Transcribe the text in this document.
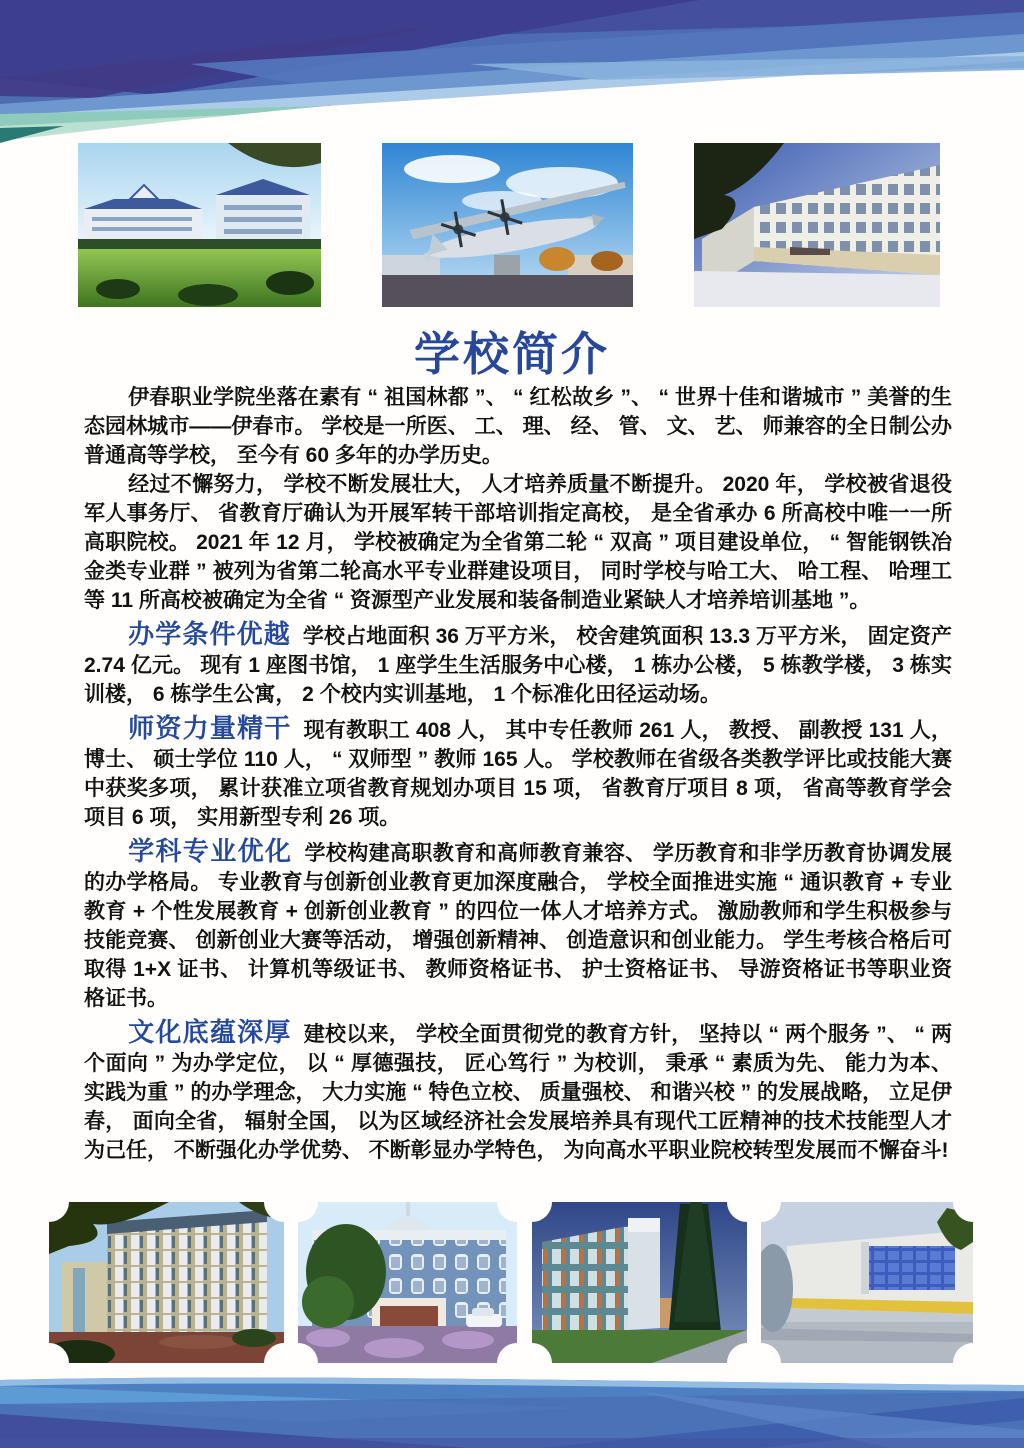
学校简介

伊春职业学院坐落在素有 “ 祖国林都 ”、 “ 红松故乡 ”、 “ 世界十佳和谐城市 ” 美誉的生态园林城市——伊春市。 学校是一所医、 工、 理、 经、 管、 文、 艺、 师兼容的全日制公办普通高等学校， 至今有 60 多年的办学历史。

经过不懈努力， 学校不断发展壮大， 人才培养质量不断提升。 2020 年， 学校被省退役军人事务厅、 省教育厅确认为开展军转干部培训指定高校， 是全省承办 6 所高校中唯一一所高职院校。 2021 年 12 月， 学校被确定为全省第二轮 “ 双高 ” 项目建设单位， “ 智能钢铁冶金类专业群 ” 被列为省第二轮高水平专业群建设项目， 同时学校与哈工大、 哈工程、 哈理工等 11 所高校被确定为全省 “ 资源型产业发展和装备制造业紧缺人才培养培训基地 ”。

办学条件优越 学校占地面积 36 万平方米， 校舍建筑面积 13.3 万平方米， 固定资产 2.74 亿元。 现有 1 座图书馆， 1 座学生生活服务中心楼， 1 栋办公楼， 5 栋教学楼， 3 栋实训楼， 6 栋学生公寓， 2 个校内实训基地， 1 个标准化田径运动场。

师资力量精干 现有教职工 408 人， 其中专任教师 261 人， 教授、 副教授 131 人， 博士、 硕士学位 110 人， “ 双师型 ” 教师 165 人。 学校教师在省级各类教学评比或技能大赛中获奖多项， 累计获准立项省教育规划办项目 15 项， 省教育厅项目 8 项， 省高等教育学会项目 6 项， 实用新型专利 26 项。

学科专业优化 学校构建高职教育和高师教育兼容、 学历教育和非学历教育协调发展的办学格局。 专业教育与创新创业教育更加深度融合， 学校全面推进实施 “ 通识教育 + 专业教育 + 个性发展教育 + 创新创业教育 ” 的四位一体人才培养方式。 激励教师和学生积极参与技能竞赛、 创新创业大赛等活动， 增强创新精神、 创造意识和创业能力。 学生考核合格后可取得 1+X 证书、 计算机等级证书、 教师资格证书、 护士资格证书、 导游资格证书等职业资格证书。

文化底蕴深厚 建校以来， 学校全面贯彻党的教育方针， 坚持以 “ 两个服务 ”、 “ 两个面向 ” 为办学定位， 以 “ 厚德强技， 匠心笃行 ” 为校训， 秉承 “ 素质为先、 能力为本、 实践为重 ” 的办学理念， 大力实施 “ 特色立校、 质量强校、 和谐兴校 ” 的发展战略， 立足伊春， 面向全省， 辐射全国， 以为区域经济社会发展培养具有现代工匠精神的技术技能型人才为己任， 不断强化办学优势、 不断彰显办学特色， 为向高水平职业院校转型发展而不懈奋斗!
